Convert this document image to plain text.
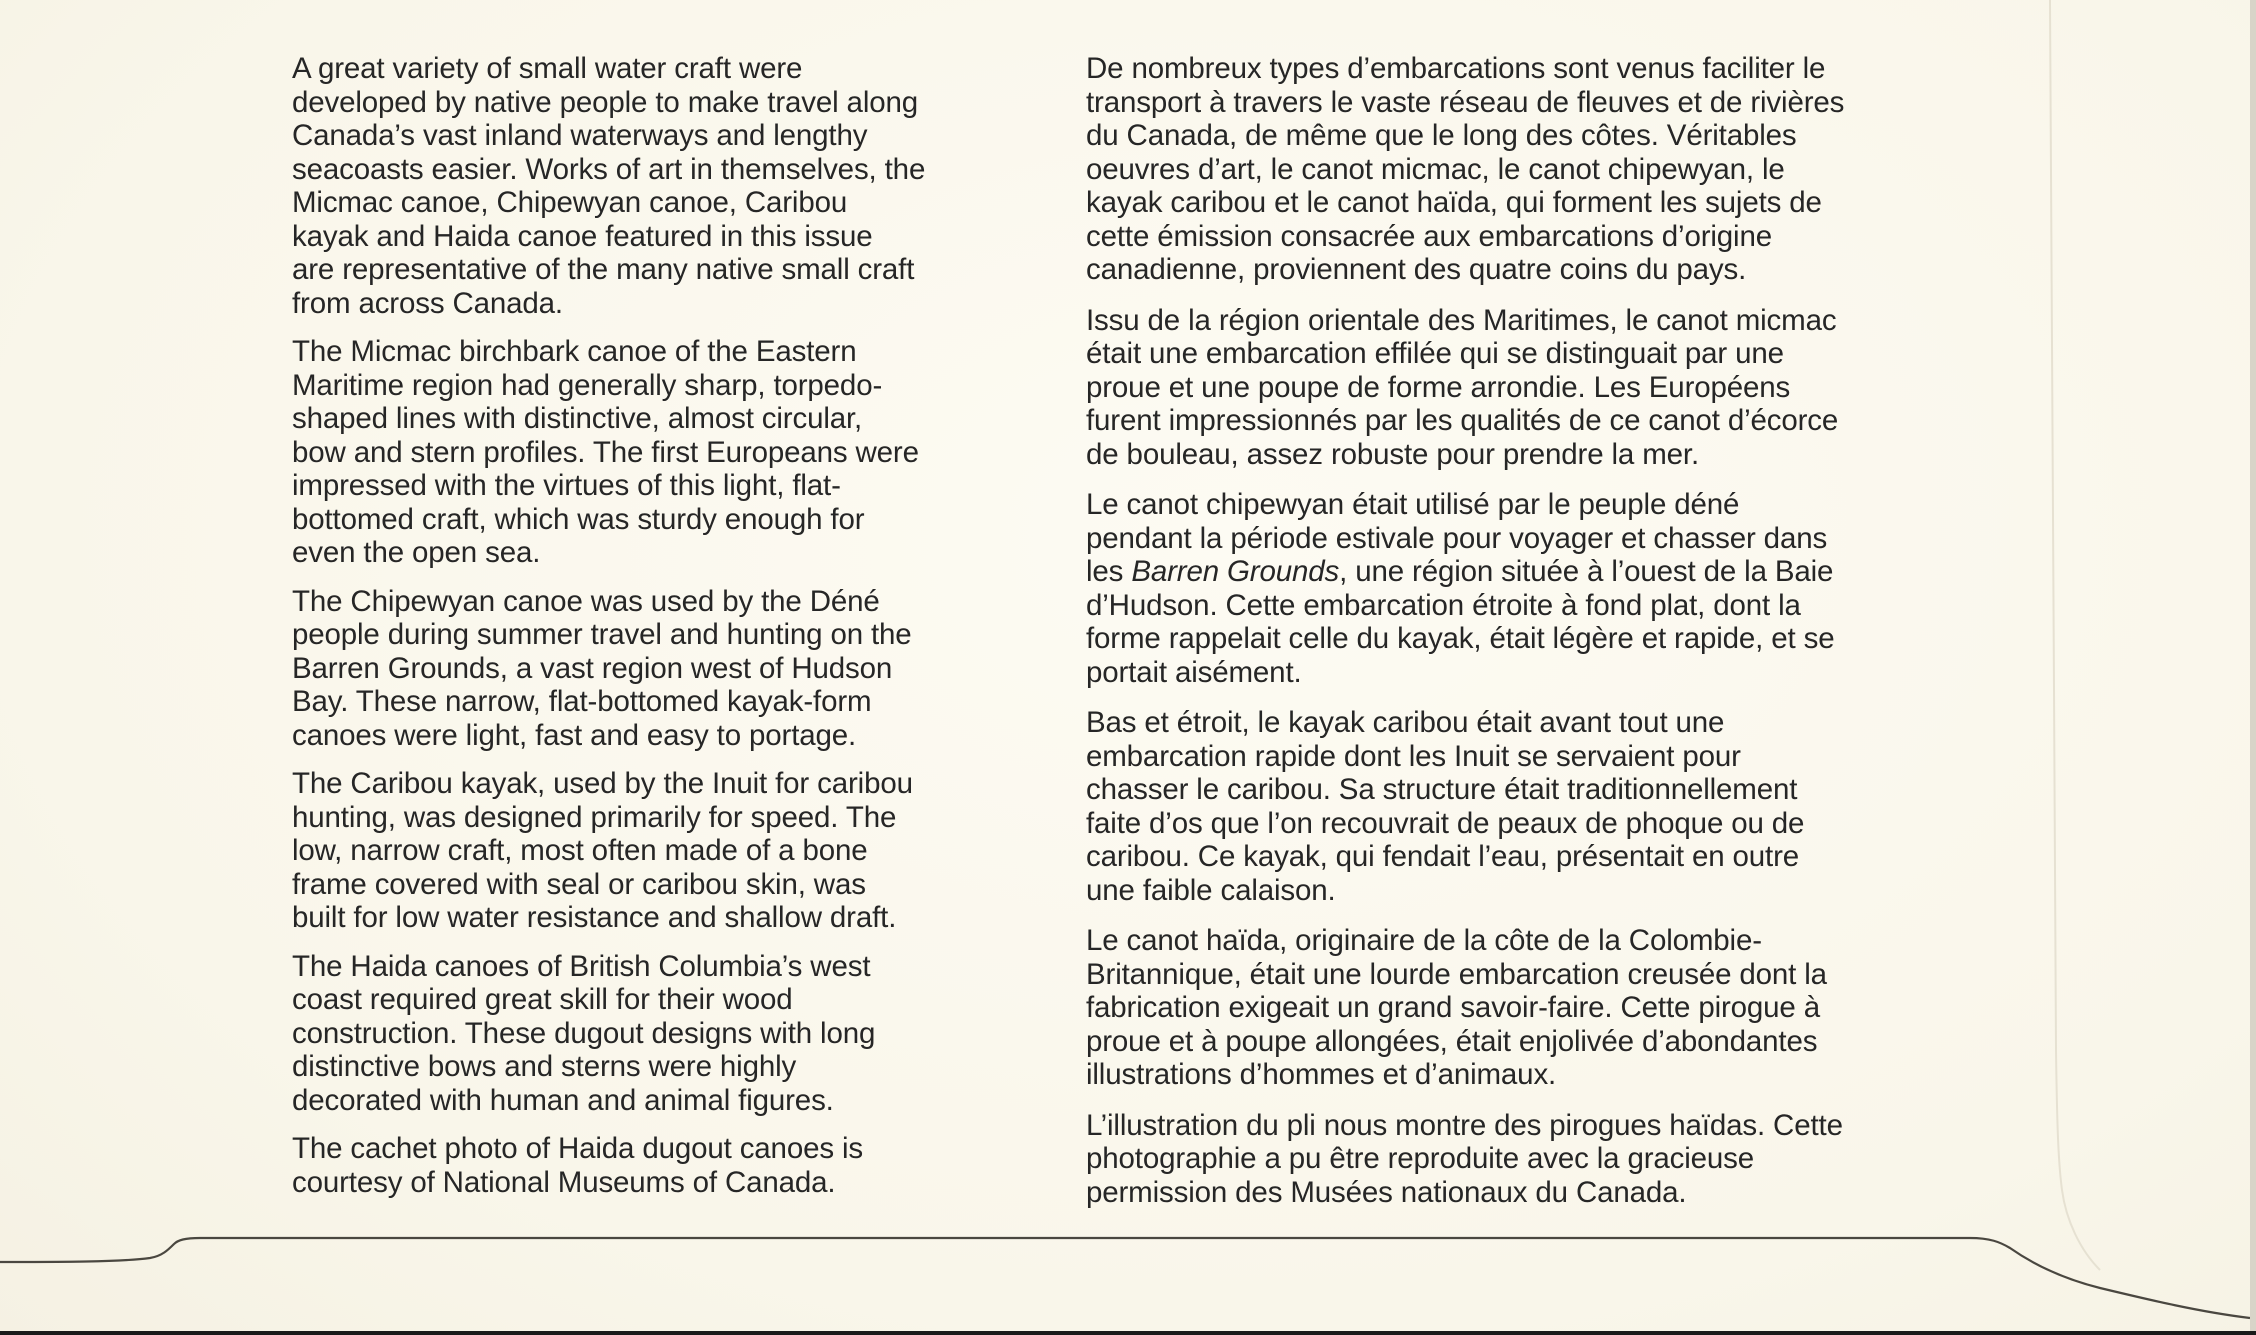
A great variety of small water craft were
developed by native people to make travel along
Canada’s vast inland waterways and lengthy
seacoasts easier. Works of art in themselves, the
Micmac canoe, Chipewyan canoe, Caribou
kayak and Haida canoe featured in this issue
are representative of the many native small craft
from across Canada.

The Micmac birchbark canoe of the Eastern
Maritime region had generally sharp, torpedo-
shaped lines with distinctive, almost circular,
bow and stern profiles. The first Europeans were
impressed with the virtues of this light, flat-
bottomed craft, which was sturdy enough for
even the open sea.

The Chipewyan canoe was used by the Déné
people during summer travel and hunting on the
Barren Grounds, a vast region west of Hudson
Bay. These narrow, flat-bottomed kayak-form
canoes were light, fast and easy to portage.

The Caribou kayak, used by the Inuit for caribou
hunting, was designed primarily for speed. The
low, narrow craft, most often made of a bone
frame covered with seal or caribou skin, was
built for low water resistance and shallow draft.

The Haida canoes of British Columbia’s west
coast required great skill for their wood
construction. These dugout designs with long
distinctive bows and sterns were highly
decorated with human and animal figures.

The cachet photo of Haida dugout canoes is
courtesy of National Museums of Canada.

De nombreux types d’embarcations sont venus faciliter le
transport à travers le vaste réseau de fleuves et de rivières
du Canada, de même que le long des côtes. Véritables
oeuvres d’art, le canot micmac, le canot chipewyan, le
kayak caribou et le canot haïda, qui forment les sujets de
cette émission consacrée aux embarcations d’origine
canadienne, proviennent des quatre coins du pays.

Issu de la région orientale des Maritimes, le canot micmac
était une embarcation effilée qui se distinguait par une
proue et une poupe de forme arrondie. Les Européens
furent impressionnés par les qualités de ce canot d’écorce
de bouleau, assez robuste pour prendre la mer.

Le canot chipewyan était utilisé par le peuple déné
pendant la période estivale pour voyager et chasser dans
les Barren Grounds, une région située à l’ouest de la Baie
d’Hudson. Cette embarcation étroite à fond plat, dont la
forme rappelait celle du kayak, était légère et rapide, et se
portait aisément.

Bas et étroit, le kayak caribou était avant tout une
embarcation rapide dont les Inuit se servaient pour
chasser le caribou. Sa structure était traditionnellement
faite d’os que l’on recouvrait de peaux de phoque ou de
caribou. Ce kayak, qui fendait l’eau, présentait en outre
une faible calaison.

Le canot haïda, originaire de la côte de la Colombie-
Britannique, était une lourde embarcation creusée dont la
fabrication exigeait un grand savoir-faire. Cette pirogue à
proue et à poupe allongées, était enjolivée d’abondantes
illustrations d’hommes et d’animaux.

L’illustration du pli nous montre des pirogues haïdas. Cette
photographie a pu être reproduite avec la gracieuse
permission des Musées nationaux du Canada.
